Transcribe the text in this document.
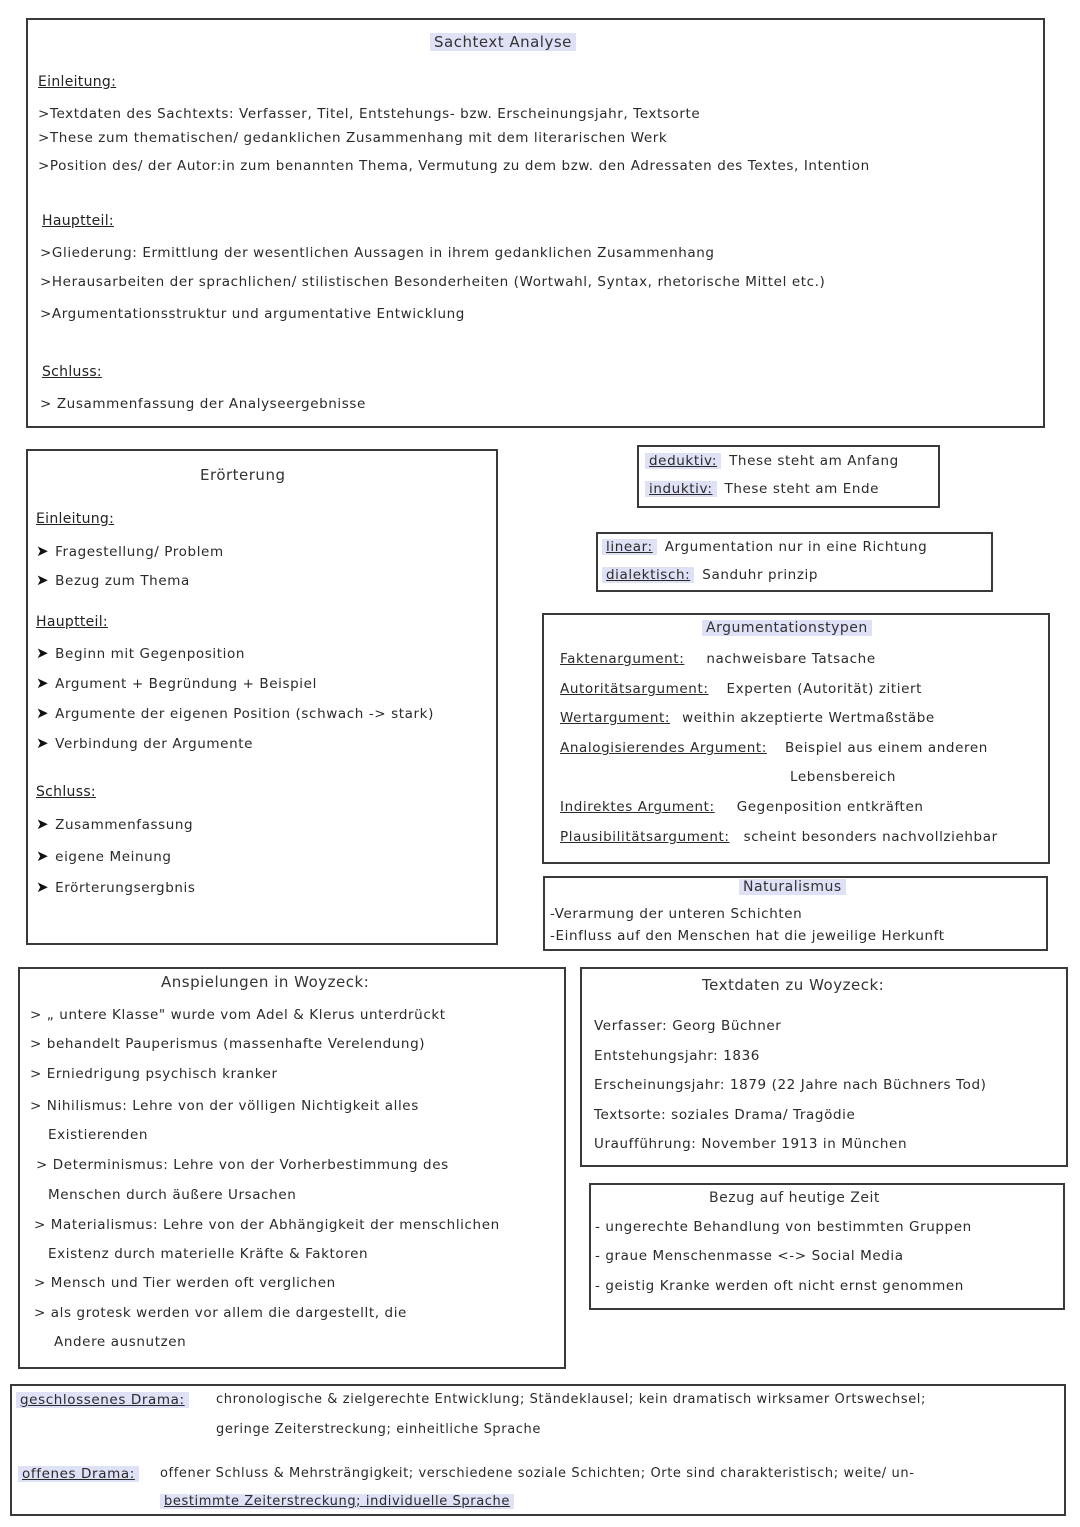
Sachtext Analyse
Einleitung:
>Textdaten des Sachtexts: Verfasser, Titel, Entstehungs- bzw. Erscheinungsjahr, Textsorte
>These zum thematischen/ gedanklichen Zusammenhang mit dem literarischen Werk
>Position des/ der Autor:in zum benannten Thema, Vermutung zu dem bzw. den Adressaten des Textes, Intention
Hauptteil:
>Gliederung: Ermittlung der wesentlichen Aussagen in ihrem gedanklichen Zusammenhang
>Herausarbeiten der sprachlichen/ stilistischen Besonderheiten (Wortwahl, Syntax, rhetorische Mittel etc.)
>Argumentationsstruktur und argumentative Entwicklung
Schluss:
> Zusammenfassung der Analyseergebnisse
Erörterung
Einleitung:
➤ Fragestellung/ Problem
➤ Bezug zum Thema
Hauptteil:
➤ Beginn mit Gegenposition
➤ Argument + Begründung + Beispiel
➤ Argumente der eigenen Position (schwach -> stark)
➤ Verbindung der Argumente
Schluss:
➤ Zusammenfassung
➤ eigene Meinung
➤ Erörterungsergbnis
deduktiv: These steht am Anfang
induktiv: These steht am Ende
linear: Argumentation nur in eine Richtung
dialektisch: Sanduhr prinzip
Argumentationstypen
Faktenargument: nachweisbare Tatsache
Autoritätsargument: Experten (Autorität) zitiert
Wertargument: weithin akzeptierte Wertmaßstäbe
Analogisierendes Argument: Beispiel aus einem anderen
Lebensbereich
Indirektes Argument: Gegenposition entkräften
Plausibilitätsargument: scheint besonders nachvollziehbar
Naturalismus
-Verarmung der unteren Schichten
-Einfluss auf den Menschen hat die jeweilige Herkunft
Anspielungen in Woyzeck:
> „ untere Klasse" wurde vom Adel & Klerus unterdrückt
> behandelt Pauperismus (massenhafte Verelendung)
> Erniedrigung psychisch kranker
> Nihilismus: Lehre von der völligen Nichtigkeit alles
Existierenden
> Determinismus: Lehre von der Vorherbestimmung des
Menschen durch äußere Ursachen
> Materialismus: Lehre von der Abhängigkeit der menschlichen
Existenz durch materielle Kräfte & Faktoren
> Mensch und Tier werden oft verglichen
> als grotesk werden vor allem die dargestellt, die
Andere ausnutzen
Textdaten zu Woyzeck:
Verfasser: Georg Büchner
Entstehungsjahr: 1836
Erscheinungsjahr: 1879 (22 Jahre nach Büchners Tod)
Textsorte: soziales Drama/ Tragödie
Uraufführung: November 1913 in München
Bezug auf heutige Zeit
- ungerechte Behandlung von bestimmten Gruppen
- graue Menschenmasse <-> Social Media
- geistig Kranke werden oft nicht ernst genommen
geschlossenes Drama:	chronologische & zielgerechte Entwicklung; Ständeklausel; kein dramatisch wirksamer Ortswechsel;
geringe Zeiterstreckung; einheitliche Sprache
offenes Drama:	offener Schluss & Mehrsträngigkeit; verschiedene soziale Schichten; Orte sind charakteristisch; weite/ un-
bestimmte Zeiterstreckung; individuelle Sprache
